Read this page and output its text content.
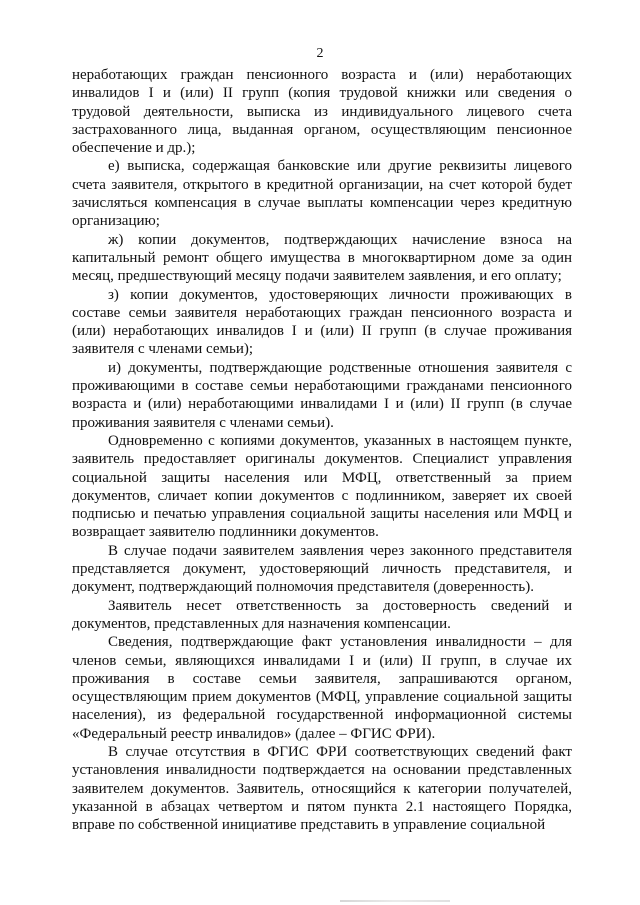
2

неработающих граждан пенсионного возраста и (или) неработающих инвалидов I и (или) II групп (копия трудовой книжки или сведения о трудовой деятельности, выписка из индивидуального лицевого счета застрахованного лица, выданная органом, осуществляющим пенсионное обеспечение и др.);

е) выписка, содержащая банковские или другие реквизиты лицевого счета заявителя, открытого в кредитной организации, на счет которой будет зачисляться компенсация в случае выплаты компенсации через кредитную организацию;

ж) копии документов, подтверждающих начисление взноса на капитальный ремонт общего имущества в многоквартирном доме за один месяц, предшествующий месяцу подачи заявителем заявления, и его оплату;

з) копии документов, удостоверяющих личности проживающих в составе семьи заявителя неработающих граждан пенсионного возраста и (или) неработающих инвалидов I и (или) II групп (в случае проживания заявителя с членами семьи);

и) документы, подтверждающие родственные отношения заявителя с проживающими в составе семьи неработающими гражданами пенсионного возраста и (или) неработающими инвалидами I и (или) II групп (в случае проживания заявителя с членами семьи).

Одновременно с копиями документов, указанных в настоящем пункте, заявитель предоставляет оригиналы документов. Специалист управления социальной защиты населения или МФЦ, ответственный за прием документов, сличает копии документов с подлинником, заверяет их своей подписью и печатью управления социальной защиты населения или МФЦ и возвращает заявителю подлинники документов.

В случае подачи заявителем заявления через законного представителя представляется документ, удостоверяющий личность представителя, и документ, подтверждающий полномочия представителя (доверенность).

Заявитель несет ответственность за достоверность сведений и документов, представленных для назначения компенсации.

Сведения, подтверждающие факт установления инвалидности – для членов семьи, являющихся инвалидами I и (или) II групп, в случае их проживания в составе семьи заявителя, запрашиваются органом, осуществляющим прием документов (МФЦ, управление социальной защиты населения), из федеральной государственной информационной системы «Федеральный реестр инвалидов» (далее – ФГИС ФРИ).

В случае отсутствия в ФГИС ФРИ соответствующих сведений факт установления инвалидности подтверждается на основании представленных заявителем документов. Заявитель, относящийся к категории получателей, указанной в абзацах четвертом и пятом пункта 2.1 настоящего Порядка, вправе по собственной инициативе представить в управление социальной
